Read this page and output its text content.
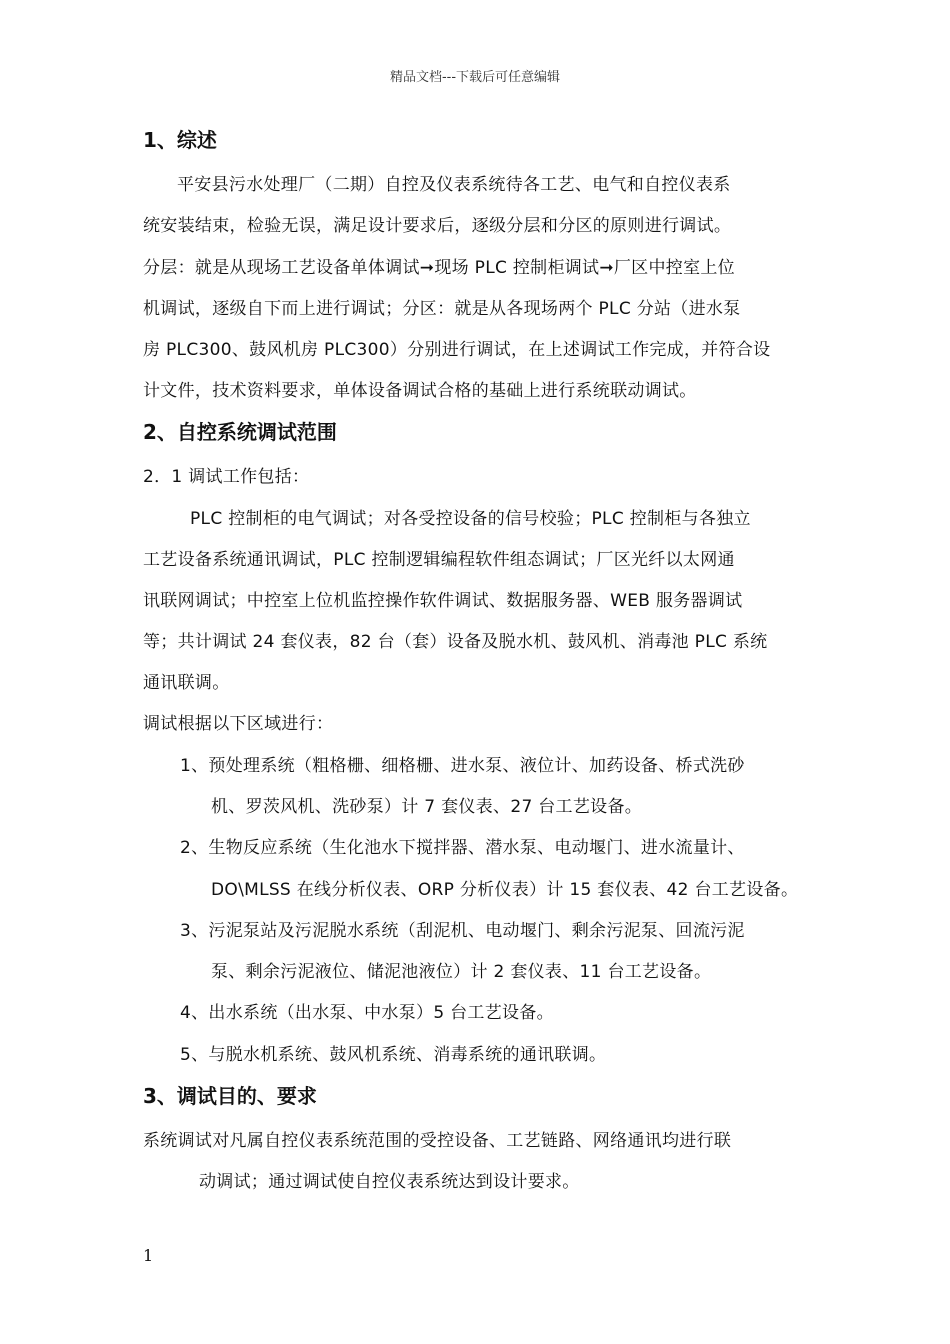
精品文档---下载后可任意编辑
1、综述
平安县污水处理厂（二期）自控及仪表系统待各工艺、电气和自控仪表系
统安装结束，检验无误，满足设计要求后，逐级分层和分区的原则进行调试。
分层：就是从现场工艺设备单体调试➞现场 PLC 控制柜调试➞厂区中控室上位
机调试，逐级自下而上进行调试；分区：就是从各现场两个 PLC 分站（进水泵
房 PLC300、鼓风机房 PLC300）分别进行调试，在上述调试工作完成，并符合设
计文件，技术资料要求，单体设备调试合格的基础上进行系统联动调试。
2、自控系统调试范围
2．1 调试工作包括：
PLC 控制柜的电气调试；对各受控设备的信号校验；PLC 控制柜与各独立
工艺设备系统通讯调试，PLC 控制逻辑编程软件组态调试；厂区光纤以太网通
讯联网调试；中控室上位机监控操作软件调试、数据服务器、WEB 服务器调试
等；共计调试 24 套仪表，82 台（套）设备及脱水机、鼓风机、消毒池 PLC 系统
通讯联调。
调试根据以下区域进行：
1、预处理系统（粗格栅、细格栅、进水泵、液位计、加药设备、桥式洗砂
机、罗茨风机、洗砂泵）计 7 套仪表、27 台工艺设备。
2、生物反应系统（生化池水下搅拌器、潜水泵、电动堰门、进水流量计、
DO\MLSS 在线分析仪表、ORP 分析仪表）计 15 套仪表、42 台工艺设备。
3、污泥泵站及污泥脱水系统（刮泥机、电动堰门、剩余污泥泵、回流污泥
泵、剩余污泥液位、储泥池液位）计 2 套仪表、11 台工艺设备。
4、出水系统（出水泵、中水泵）5 台工艺设备。
5、与脱水机系统、鼓风机系统、消毒系统的通讯联调。
3、调试目的、要求
系统调试对凡属自控仪表系统范围的受控设备、工艺链路、网络通讯均进行联
动调试；通过调试使自控仪表系统达到设计要求。
1
